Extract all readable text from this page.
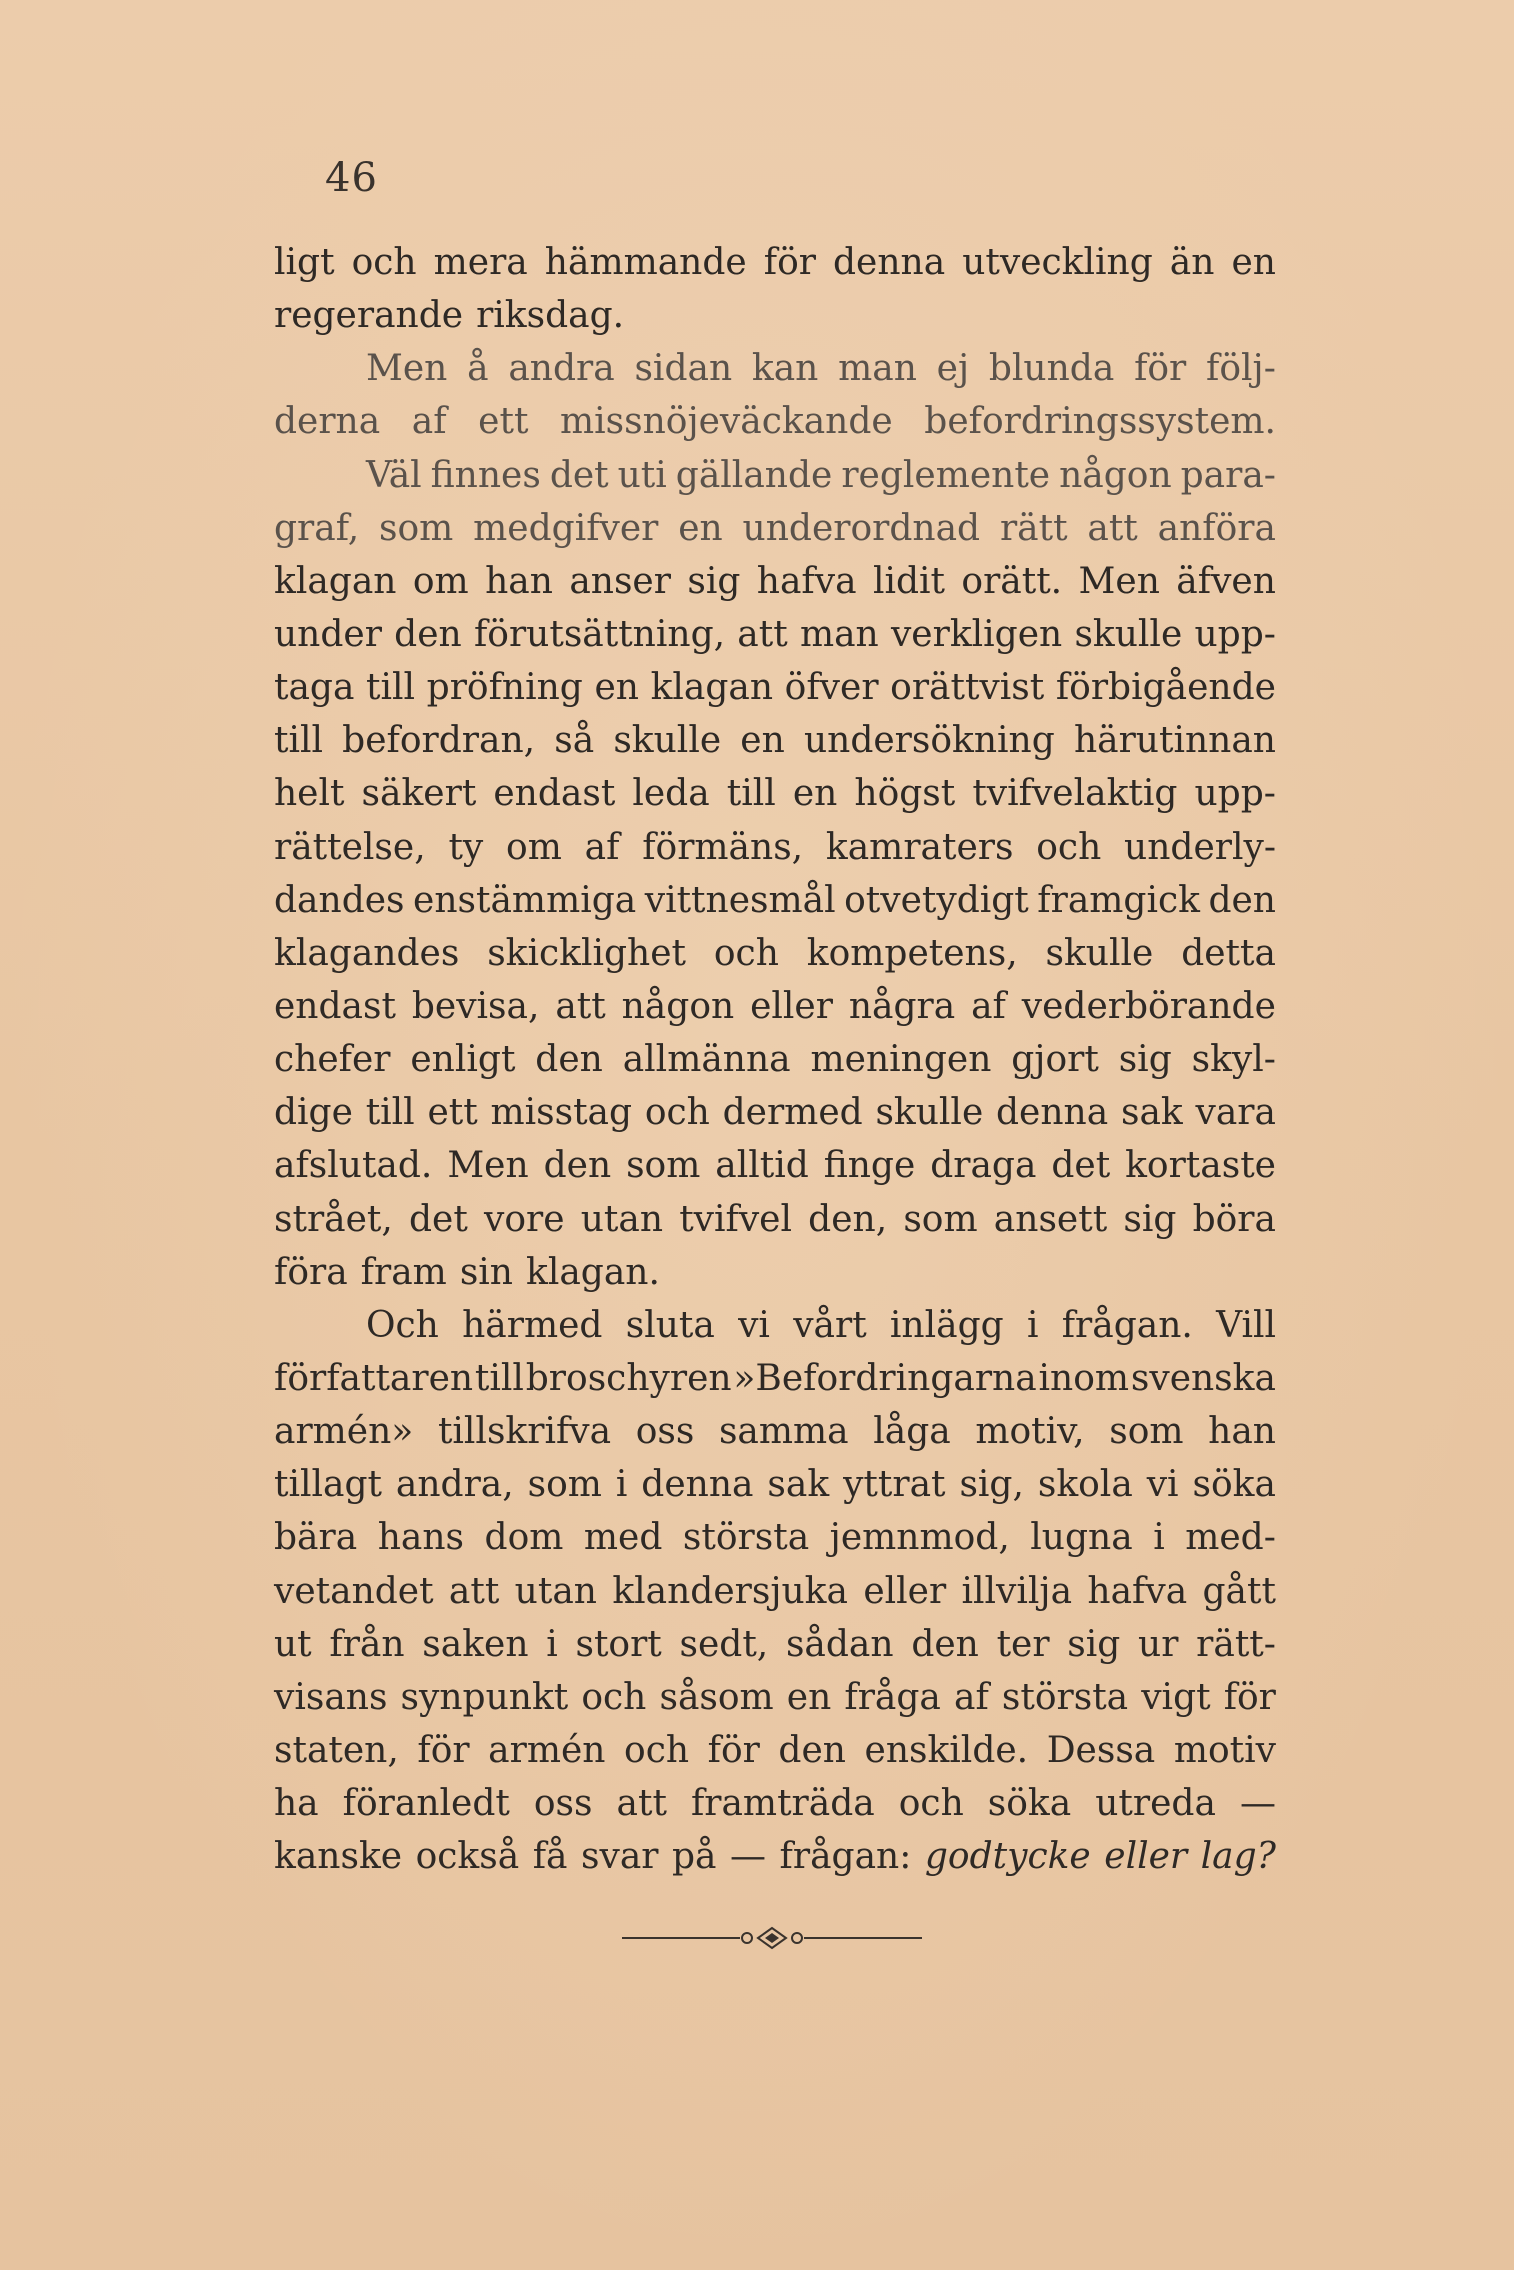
46
ligt och mera hämmande för denna utveckling än en
regerande riksdag.
Men å andra sidan kan man ej blunda för följ-
derna af ett missnöjeväckande befordringssystem.
Väl finnes det uti gällande reglemente någon para-
graf, som medgifver en underordnad rätt att anföra
klagan om han anser sig hafva lidit orätt. Men äfven
under den förutsättning, att man verkligen skulle upp-
taga till pröfning en klagan öfver orättvist förbigående
till befordran, så skulle en undersökning härutinnan
helt säkert endast leda till en högst tvifvelaktig upp-
rättelse, ty om af förmäns, kamraters och underly-
dandes enstämmiga vittnesmål otvetydigt framgick den
klagandes skicklighet och kompetens, skulle detta
endast bevisa, att någon eller några af vederbörande
chefer enligt den allmänna meningen gjort sig skyl-
dige till ett misstag och dermed skulle denna sak vara
afslutad. Men den som alltid finge draga det kortaste
strået, det vore utan tvifvel den, som ansett sig böra
föra fram sin klagan.
Och härmed sluta vi vårt inlägg i frågan. Vill
författaren till broschyren »Befordringarna inom svenska
armén» tillskrifva oss samma låga motiv, som han
tillagt andra, som i denna sak yttrat sig, skola vi söka
bära hans dom med största jemnmod, lugna i med-
vetandet att utan klandersjuka eller illvilja hafva gått
ut från saken i stort sedt, sådan den ter sig ur rätt-
visans synpunkt och såsom en fråga af största vigt för
staten, för armén och för den enskilde. Dessa motiv
ha föranledt oss att framträda och söka utreda —
kanske också få svar på — frågan: godtycke eller lag?
